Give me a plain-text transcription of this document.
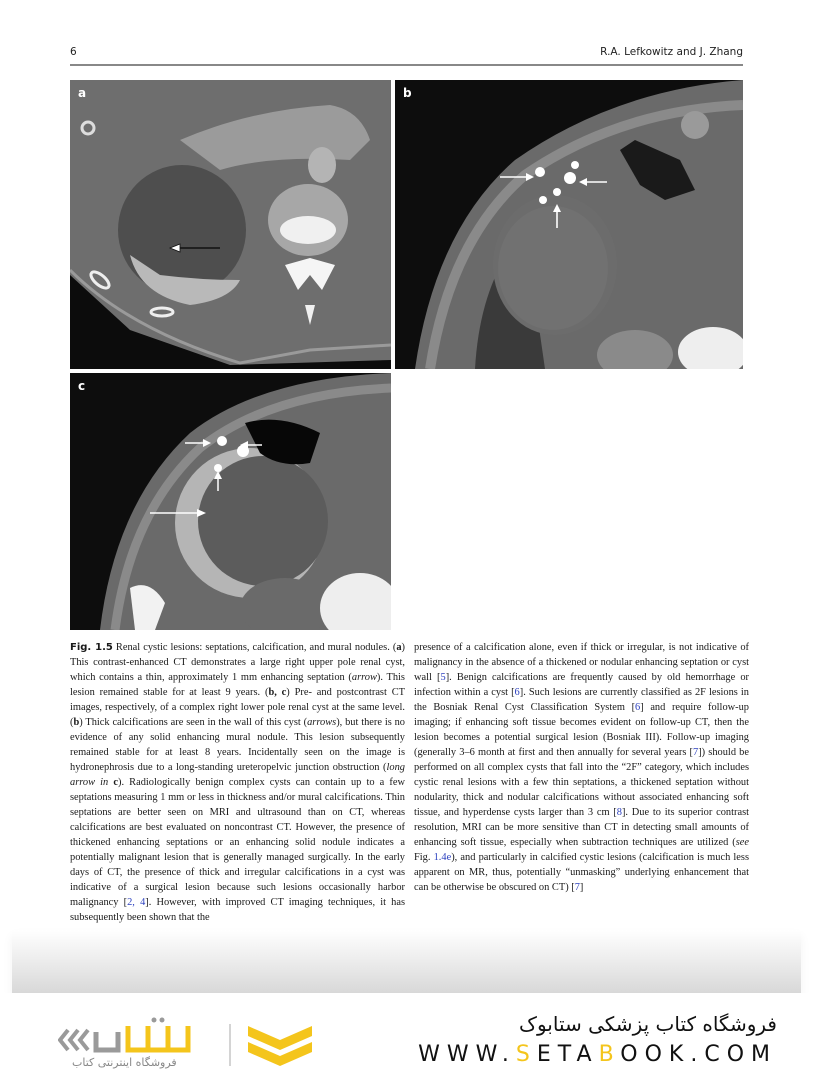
6	R.A. Lefkowitz and J. Zhang
a	b
c
Fig. 1.5 Renal cystic lesions: septations, calcification, and mural nodules. (a) This contrast-enhanced CT demonstrates a large right upper pole renal cyst, which contains a thin, approximately 1 mm enhancing septation (arrow). This lesion remained stable for at least 9 years. (b, c) Pre- and postcontrast CT images, respectively, of a complex right lower pole renal cyst at the same level. (b) Thick calcifications are seen in the wall of this cyst (arrows), but there is no evidence of any solid enhancing mural nodule. This lesion subsequently remained stable for at least 8 years. Incidentally seen on the image is hydronephrosis due to a long-standing ureteropelvic junction obstruction (long arrow in c). Radiologically benign complex cysts can contain up to a few septations measuring 1 mm or less in thickness and/or mural calcifications. Thin septations are better seen on MRI and ultrasound than on CT, whereas calcifications are best evaluated on noncontrast CT. However, the presence of thickened enhancing septations or an enhancing solid nodule indicates a potentially malignant lesion that is generally managed surgically. In the early days of CT, the presence of thick and irregular calcifications in a cyst was indicative of a surgical lesion because such lesions occasionally harbor malignancy [2, 4]. However, with improved CT imaging techniques, it has subsequently been shown that the
presence of a calcification alone, even if thick or irregular, is not indicative of malignancy in the absence of a thickened or nodular enhancing septation or cyst wall [5]. Benign calcifications are frequently caused by old hemorrhage or infection within a cyst [6]. Such lesions are currently classified as 2F lesions in the Bosniak Renal Cyst Classification System [6] and require follow-up imaging; if enhancing soft tissue becomes evident on follow-up CT, then the lesion becomes a potential surgical lesion (Bosniak III). Follow-up imaging (generally 3–6 month at first and then annually for several years [7]) should be performed on all complex cysts that fall into the “2F” category, which includes cystic renal lesions with a few thin septations, a thickened septation without nodularity, thick and nodular calcifications without associated enhancing soft tissue, and hyperdense cysts larger than 3 cm [8]. Due to its superior contrast resolution, MRI can be more sensitive than CT in detecting small amounts of enhancing soft tissue, especially when subtraction techniques are utilized (see Fig. 1.4e), and particularly in calcified cystic lesions (calcification is much less apparent on MR, thus, potentially “unmasking” underlying enhancement that can be otherwise be obscured on CT) [7]
فروشگاه اینترنتی کتاب
فروشگاه کتاب پزشکی ستابوک
WWW.SETABOOK.COM
